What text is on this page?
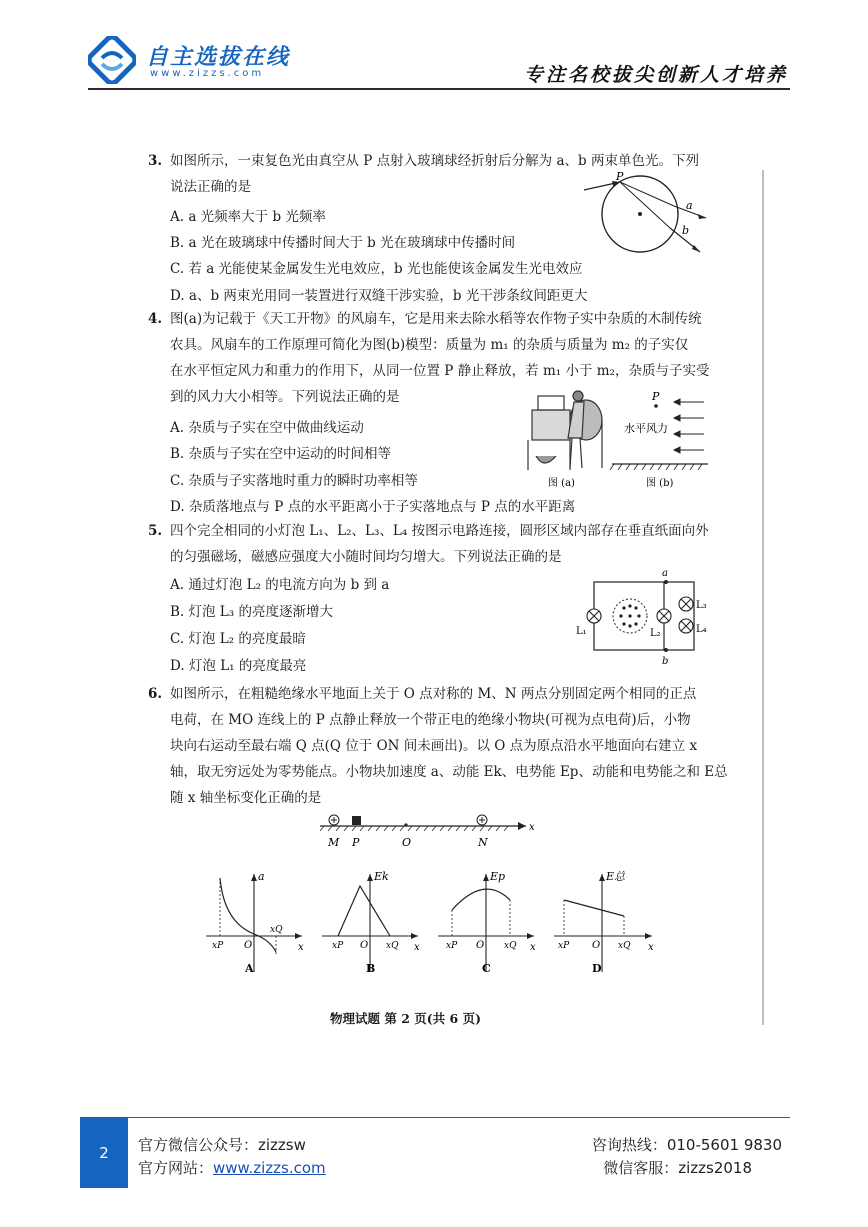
自主选拔在线
www.zizzs.com	专注名校拔尖创新人才培养
3. 如图所示，一束复色光由真空从 P 点射入玻璃球经折射后分解为 a、b 两束单色光。下列
说法正确的是
A. a 光频率大于 b 光频率
B. a 光在玻璃球中传播时间大于 b 光在玻璃球中传播时间
C. 若 a 光能使某金属发生光电效应，b 光也能使该金属发生光电效应
D. a、b 两束光用同一装置进行双缝干涉实验，b 光干涉条纹间距更大
P
a
b
4. 图(a)为记载于《天工开物》的风扇车，它是用来去除水稻等农作物子实中杂质的木制传统
农具。风扇车的工作原理可简化为图(b)模型：质量为 m₁ 的杂质与质量为 m₂ 的子实仅
在水平恒定风力和重力的作用下，从同一位置 P 静止释放，若 m₁ 小于 m₂，杂质与子实受
到的风力大小相等。下列说法正确的是
A. 杂质与子实在空中做曲线运动
B. 杂质与子实在空中运动的时间相等
C. 杂质与子实落地时重力的瞬时功率相等
D. 杂质落地点与 P 点的水平距离小于子实落地点与 P 点的水平距离
图 (a)
P
水平风力
图 (b)
5. 四个完全相同的小灯泡 L₁、L₂、L₃、L₄ 按图示电路连接，圆形区域内部存在垂直纸面向外
的匀强磁场，磁感应强度大小随时间均匀增大。下列说法正确的是
A. 通过灯泡 L₂ 的电流方向为 b 到 a
B. 灯泡 L₃ 的亮度逐渐增大
C. 灯泡 L₂ 的亮度最暗
D. 灯泡 L₁ 的亮度最亮
a
b
L₁	L₂
L₃
L₄
6. 如图所示，在粗糙绝缘水平地面上关于 O 点对称的 M、N 两点分别固定两个相同的正点
电荷，在 MO 连线上的 P 点静止释放一个带正电的绝缘小物块(可视为点电荷)后，小物
块向右运动至最右端 Q 点(Q 位于 ON 间未画出)。以 O 点为原点沿水平地面向右建立 x
轴，取无穷远处为零势能点。小物块加速度 a、动能 Ek、电势能 Ep、动能和电势能之和 E总
随 x 轴坐标变化正确的是
x
M P	O	N
a
x
xP
xQ
O
A
Ek
x
xP	xQ
O
B
Ep
x
xP	xQ
O
C
E总
x
xP	xQ
O
D
物理试题 第 2 页(共 6 页)
2	官方微信公众号：zizzsw
官方网站：www.zizzs.com
咨询热线：010-5601 9830
微信客服：zizzs2018
